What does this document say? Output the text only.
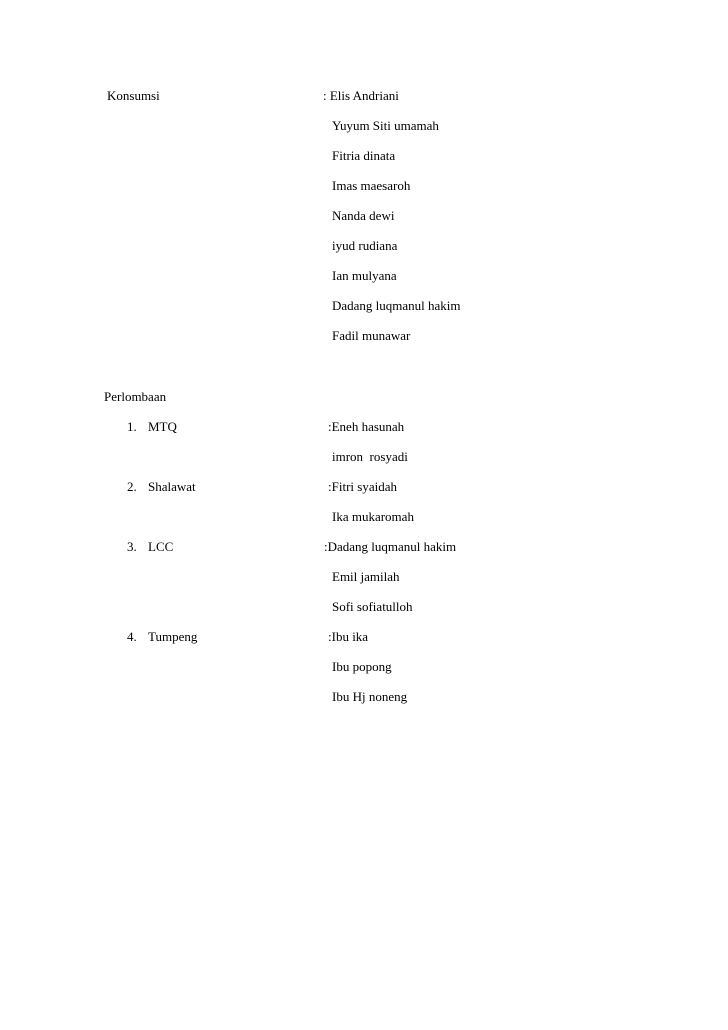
Konsumsi	: Elis Andriani
Yuyum Siti umamah
Fitria dinata
Imas maesaroh
Nanda dewi
iyud rudiana
Ian mulyana
Dadang luqmanul hakim
Fadil munawar
Perlombaan
1. MTQ	:Eneh hasunah
imron  rosyadi
2. Shalawat	:Fitri syaidah
Ika mukaromah
3. LCC	:Dadang luqmanul hakim
Emil jamilah
Sofi sofiatulloh
4. Tumpeng	:Ibu ika
Ibu popong
Ibu Hj noneng
